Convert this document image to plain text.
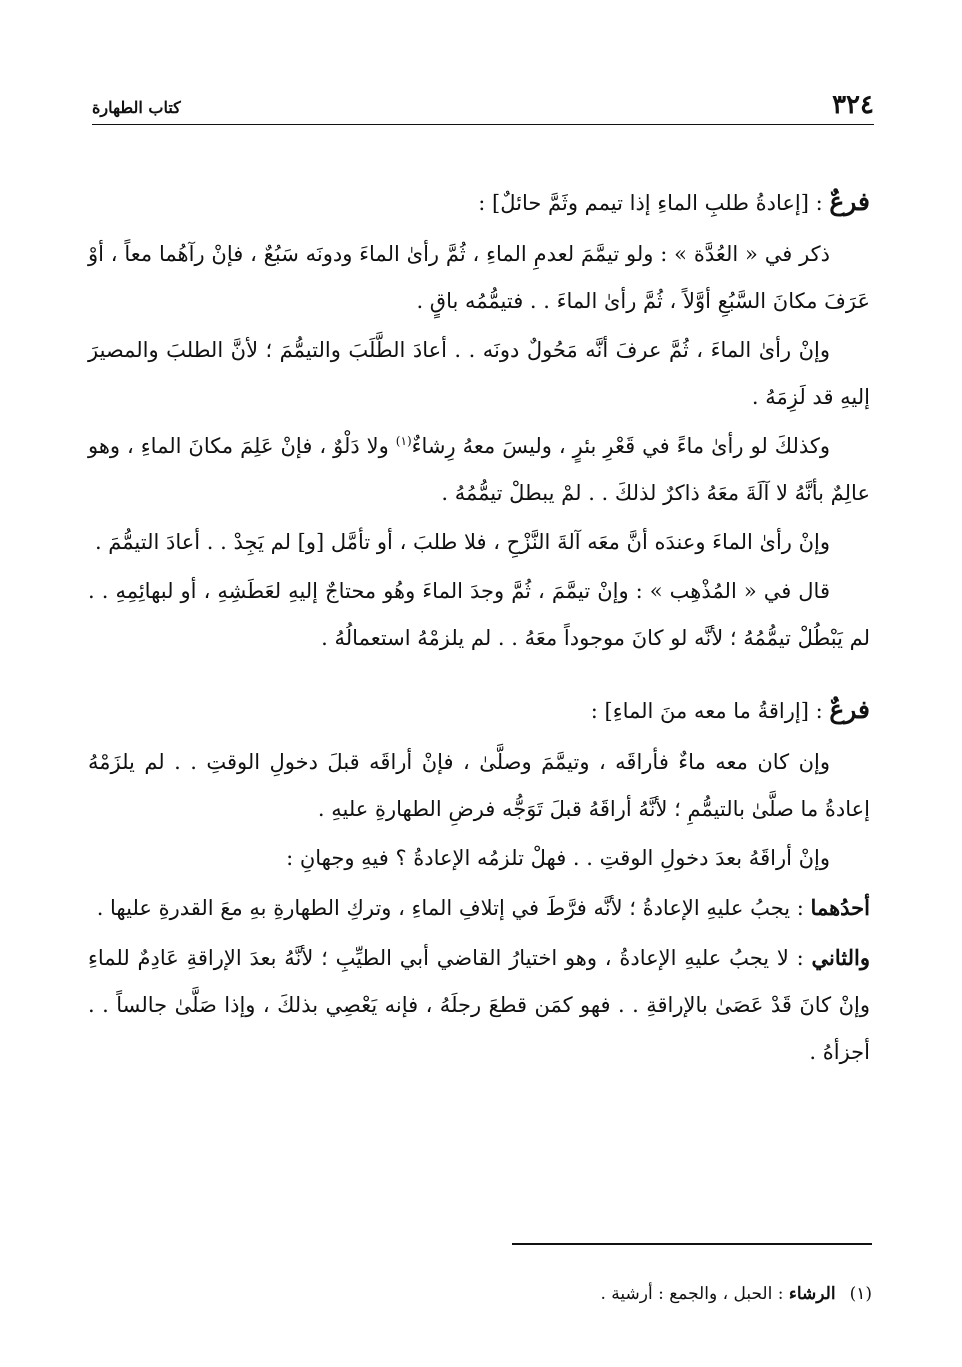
٣٢٤
كتاب الطهارة
فرعٌ : [إعادةُ طلبِ الماءِ إذا تيمم وثَمَّ حائلٌ] :

ذكر في « العُدَّة » : ولو تيمَّمَ لعدمِ الماءِ ، ثُمَّ رأىٰ الماءَ ودونَه سَبُعٌ ، فإنْ رآهُما معاً ، أوْ عَرَفَ مكانَ السَّبُعِ أوَّلاً ، ثُمَّ رأىٰ الماءَ . . فتيمُّمُه باقٍ .

وإنْ رأىٰ الماءَ ، ثُمَّ عرفَ أنَّه مَحُولٌ دونَه . . أعادَ الطَّلَبَ والتيمُّمَ ؛ لأنَّ الطلبَ والمصيرَ إليهِ قد لَزِمَهُ .

وكذلكَ لو رأىٰ ماءً في قَعْرِ بئرٍ ، وليسَ معهُ رِشاءٌ$^{(١)}$ ولا دَلْوٌ ، فإنْ عَلِمَ مكانَ الماءِ ، وهو عالِمٌ بأنَّهُ لا آلَةَ معَهُ ذاكرٌ لذلكَ . . لمْ يبطلْ تيمُّمُهُ .

وإنْ رأىٰ الماءَ وعندَه أنَّ معَه آلةَ النَّزْحِ ، فلا طلبَ ، أو تأمَّل [و] لم يَجِدْ . . أعادَ التيمُّمَ .

قال في « المُذْهِب » : وإنْ تيمَّمَ ، ثُمَّ وجدَ الماءَ وهُو محتاجٌ إليهِ لعَطَشِهِ ، أو لبهائِمِهِ . . لم يَبْطُلْ تيمُّمُهُ ؛ لأنَّه لو كانَ موجوداً معَهُ . . لم يلزمْهُ استعمالُهُ .

فرعٌ : [إراقةُ ما معه منَ الماءِ] :

وإن كان معه ماءٌ فأراقَه ، وتيمَّمَ وصلَّىٰ ، فإنْ أراقَه قبلَ دخولِ الوقتِ . . لم يلزَمْهُ إعادةُ ما صلَّىٰ بالتيمُّمِ ؛ لأنَّهُ أراقَهُ قبلَ تَوَجُّه فرضِ الطهارةِ عليهِ .

وإنْ أراقَهُ بعدَ دخولِ الوقتِ . . فهلْ تلزمُه الإعادةُ ؟ فيهِ وجهانِ :

أحدُهما : يجبُ عليهِ الإعادةُ ؛ لأنَّه فرَّطَ في إتلافِ الماءِ ، وتركِ الطهارةِ بهِ معَ القدرةِ عليها .

والثاني : لا يجبُ عليهِ الإعادةُ ، وهو اختيارُ القاضي أبي الطيِّبِ ؛ لأنَّهُ بعدَ الإراقةِ عَادِمٌ للماءِ وإنْ كانَ قَدْ عَصَىٰ بالإراقةِ . . فهو كمَن قطعَ رجلَهُ ، فإنه يَعْصِي بذلكَ ، وإذا صَلَّىٰ جالساً . . أجزأهُ .

(١)الرشاء : الحبل ، والجمع : أرشية .
